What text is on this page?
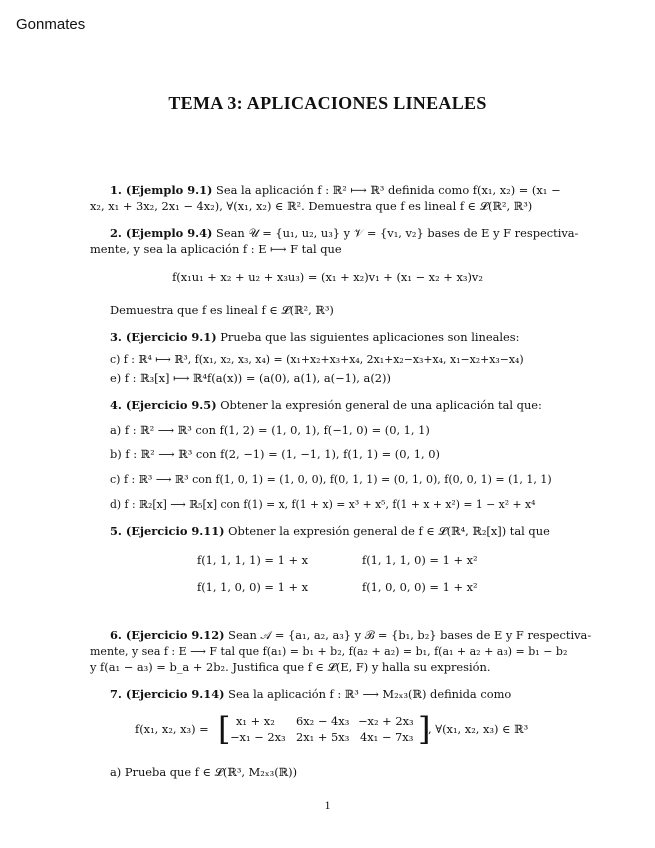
Gonmates
TEMA 3: APLICACIONES LINEALES
1. (Ejemplo 9.1) Sea la aplicación f : ℝ² ⟼ ℝ³ definida como f(x₁, x₂) = (x₁ −
x₂, x₁ + 3x₂, 2x₁ − 4x₂), ∀(x₁, x₂) ∈ ℝ². Demuestra que f es lineal f ∈ 𝓛(ℝ², ℝ³)
2. (Ejemplo 9.4) Sean 𝒰 = {u₁, u₂, u₃} y 𝒱 = {v₁, v₂} bases de E y F respectiva-
mente, y sea la aplicación f : E ⟼ F tal que
f(x₁u₁ + x₂ + u₂ + x₃u₃) = (x₁ + x₂)v₁ + (x₁ − x₂ + x₃)v₂
Demuestra que f es lineal f ∈ 𝓛(ℝ², ℝ³)
3. (Ejercicio 9.1) Prueba que las siguientes aplicaciones son lineales:
c) f : ℝ⁴ ⟼ ℝ³, f(x₁, x₂, x₃, x₄) = (x₁+x₂+x₃+x₄, 2x₁+x₂−x₃+x₄, x₁−x₂+x₃−x₄)
e) f : ℝ₃[x] ⟼ ℝ⁴f(a(x)) = (a(0), a(1), a(−1), a(2))
4. (Ejercicio 9.5) Obtener la expresión general de una aplicación tal que:
a) f : ℝ² ⟶ ℝ³ con f(1, 2) = (1, 0, 1), f(−1, 0) = (0, 1, 1)
b) f : ℝ² ⟶ ℝ³ con f(2, −1) = (1, −1, 1), f(1, 1) = (0, 1, 0)
c) f : ℝ³ ⟶ ℝ³ con f(1, 0, 1) = (1, 0, 0), f(0, 1, 1) = (0, 1, 0), f(0, 0, 1) = (1, 1, 1)
d) f : ℝ₂[x] ⟶ ℝ₅[x] con f(1) = x, f(1 + x) = x³ + x⁵, f(1 + x + x²) = 1 − x² + x⁴
5. (Ejercicio 9.11) Obtener la expresión general de f ∈ 𝓛(ℝ⁴, ℝ₂[x]) tal que
f(1, 1, 1, 1) = 1 + x	f(1, 1, 1, 0) = 1 + x²
f(1, 1, 0, 0) = 1 + x	f(1, 0, 0, 0) = 1 + x²
6. (Ejercicio 9.12) Sean 𝒜 = {a₁, a₂, a₃} y ℬ = {b₁, b₂} bases de E y F respectiva-
mente, y sea f : E ⟶ F tal que f(a₁) = b₁ + b₂, f(a₂ + a₂) = b₁, f(a₁ + a₂ + a₃) = b₁ − b₂
y f(a₁ − a₃) = b_a + 2b₂. Justifica que f ∈ 𝓛(E, F) y halla su expresión.
7. (Ejercicio 9.14) Sea la aplicación f : ℝ³ ⟶ M₂ₓ₃(ℝ) definida como
f(x₁, x₂, x₃) = [ x₁ + x₂ 6x₂ − 4x₃ −x₂ + 2x₃
−x₁ − 2x₃ 2x₁ + 5x₃ 4x₁ − 7x₃ ]
, ∀(x₁, x₂, x₃) ∈ ℝ³
a) Prueba que f ∈ 𝓛(ℝ³, M₂ₓ₃(ℝ))
1
